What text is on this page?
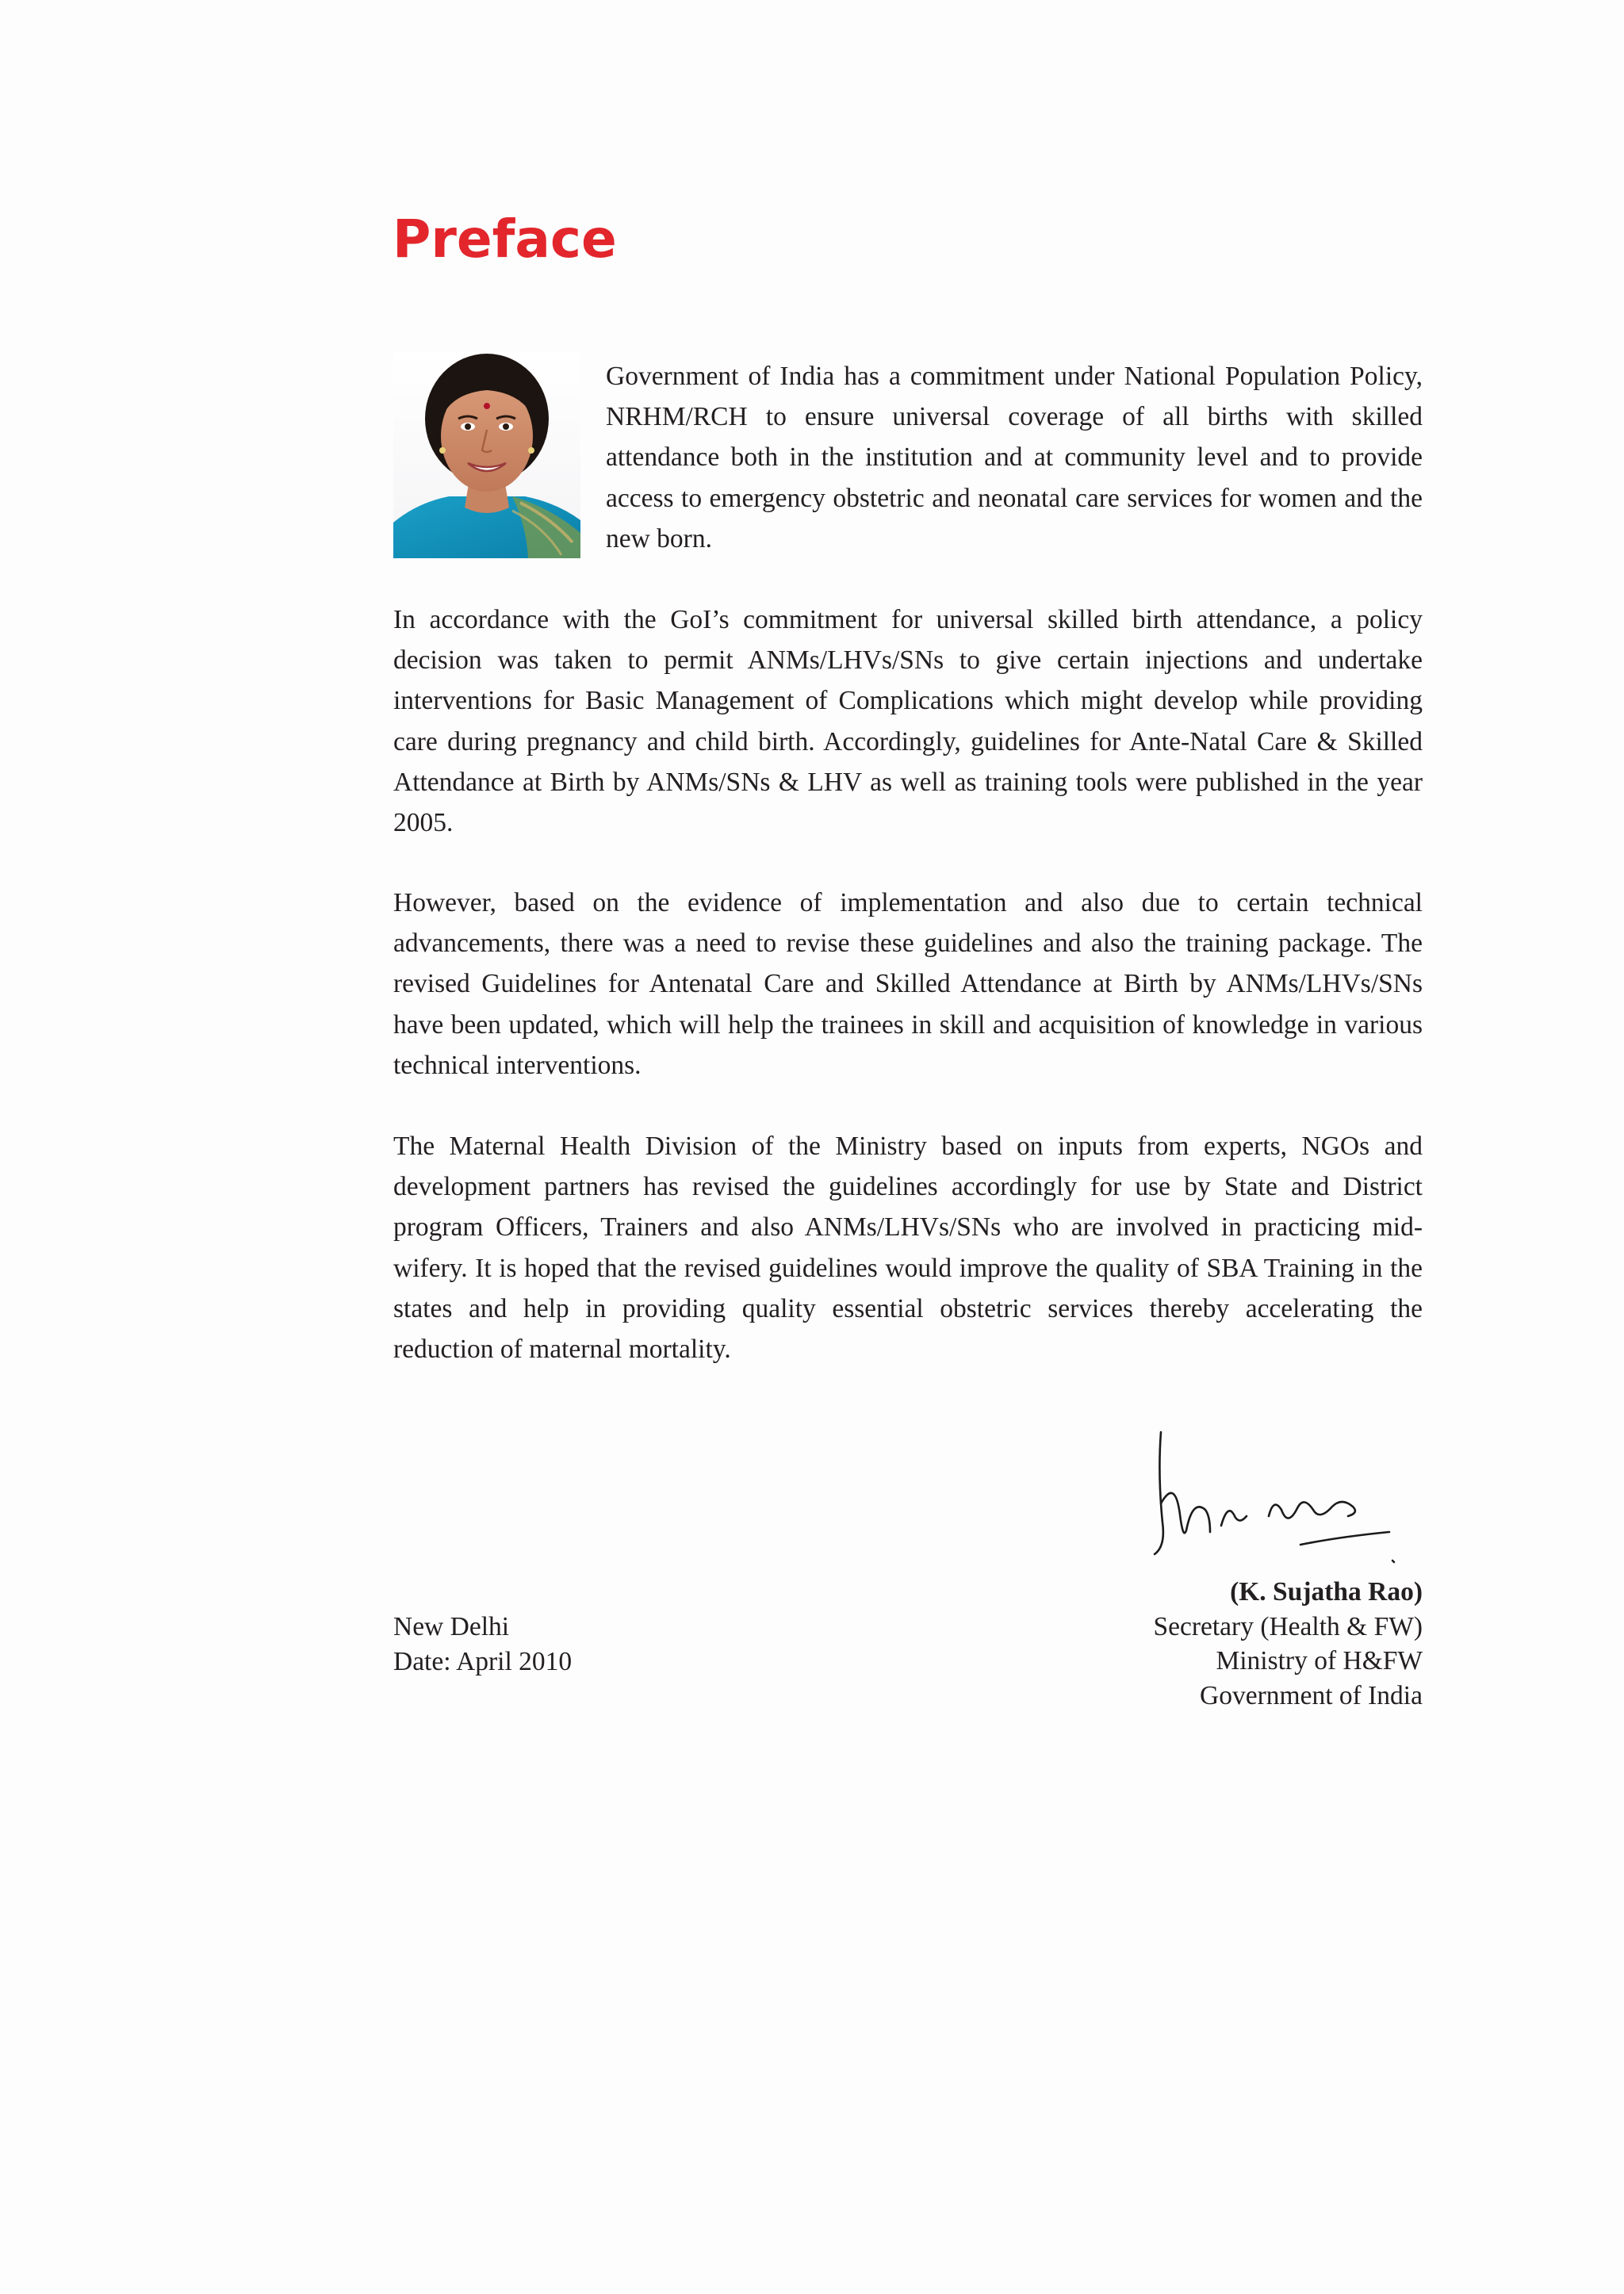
Preface

Government of India has a commitment under National Population Policy, NRHM/RCH to ensure universal coverage of all births with skilled attendance both in the institution and at community level and to provide access to emergency obstetric and neonatal care services for women and the new born.

In accordance with the GoI’s commitment for universal skilled birth attendance, a policy decision was taken to permit ANMs/LHVs/SNs to give certain injections and undertake interventions for Basic Management of Complications which might develop while providing care during pregnancy and child birth. Accordingly, guidelines for Ante-Natal Care & Skilled Attendance at Birth by ANMs/SNs & LHV as well as training tools were published in the year 2005.

However, based on the evidence of implementation and also due to certain technical advancements, there was a need to revise these guidelines and also the training package. The revised Guidelines for Antenatal Care and Skilled Attendance at Birth by ANMs/LHVs/SNs have been updated, which will help the trainees in skill and acquisition of knowledge in various technical interventions.

The Maternal Health Division of the Ministry based on inputs from experts, NGOs and development partners has revised the guidelines accordingly for use by State and District program Officers, Trainers and also ANMs/LHVs/SNs who are involved in practicing mid-wifery. It is hoped that the revised guidelines would improve the quality of SBA Training in the states and help in providing quality essential obstetric services thereby accelerating the reduction of maternal mortality.

(K. Sujatha Rao)
Secretary (Health & FW)
Ministry of H&FW
Government of India
New Delhi
Date: April 2010
